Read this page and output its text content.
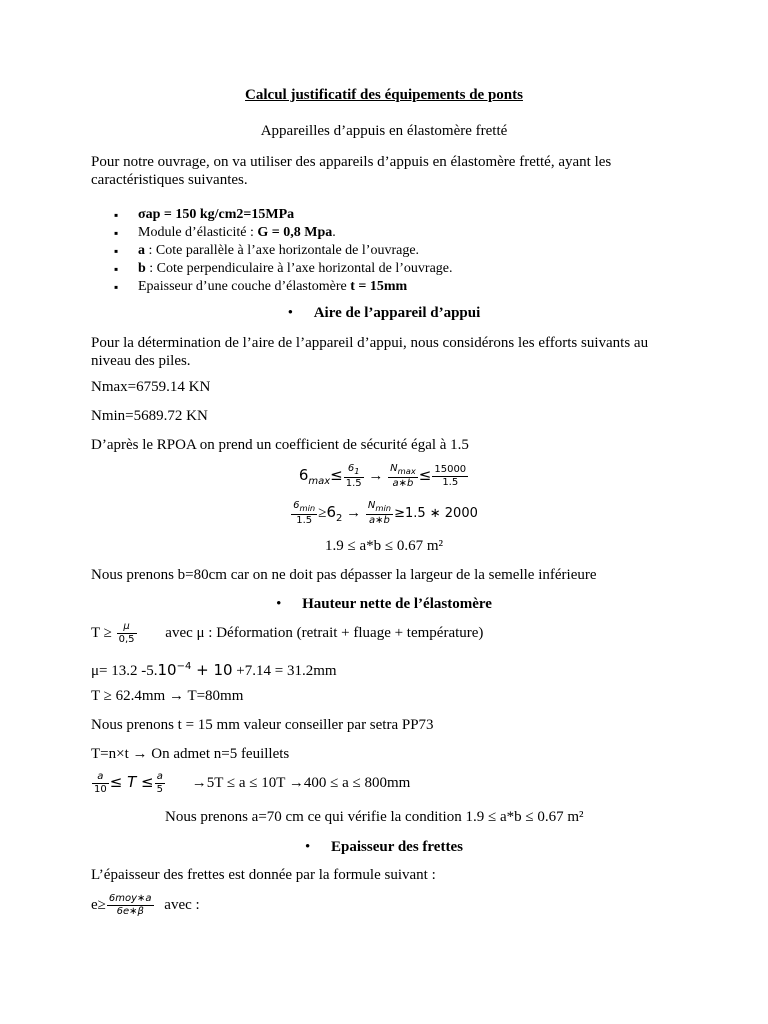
Calcul justificatif des équipements de ponts
Appareilles d’appuis en élastomère fretté
Pour notre ouvrage, on va utiliser des appareils d’appuis en élastomère fretté, ayant les caractéristiques suivantes.
▪ σap = 150 kg/cm2=15MPa
▪ Module d’élasticité : G = 0,8 Mpa.
▪ a : Cote parallèle à l’axe horizontale de l’ouvrage.
▪ b : Cote perpendiculaire à l’axe horizontal de l’ouvrage.
▪ Epaisseur d’une couche d’élastomère t = 15mm
• Aire de l’appareil d’appui
Pour la détermination de l’aire de l’appareil d’appui, nous considérons les efforts suivants au niveau des piles.
Nmax=6759.14 KN
Nmin=5689.72 KN
D’après le RPOA on prend un coefficient de sécurité égal à 1.5
$6_{max}\le \frac{6_1}{1.5} \to \frac{N_{max}}{a∗b} \le \frac{15000}{1.5}$
$\frac{6_{min}}{1.5} \ge 6_2 \to \frac{N_{min}}{a∗b} \ge 1.5$ ∗ 2000
1.9 ≤ a*b ≤ 0.67 m²
Nous prenons b=80cm car on ne doit pas dépasser la largeur de la semelle inférieure
• Hauteur nette de l’élastomère
$T \ge \frac{\mu}{0,5}$ avec μ : Déformation (retrait + fluage + température)
μ= 13.2 $-5.10^{-4} + 10 +7.14 = 31.2mm$
T ≥ 62.4mm → T=80mm
Nous prenons t = 15 mm valeur conseiller par setra PP73
T=n×t → On admet n=5 feuillets
$\frac{a}{10} \le T \le \frac{a}{5} \to 5T \le a \le 10T \to 400 \le a \le 800mm$
Nous prenons a=70 cm ce qui vérifie la condition 1.9 ≤ a*b ≤ 0.67 m²
• Epaisseur des frettes
L’épaisseur des frettes est donnée par la formule suivant :
$e\ge \frac{\text{6moy∗a}}{6e∗\beta}$ avec :
